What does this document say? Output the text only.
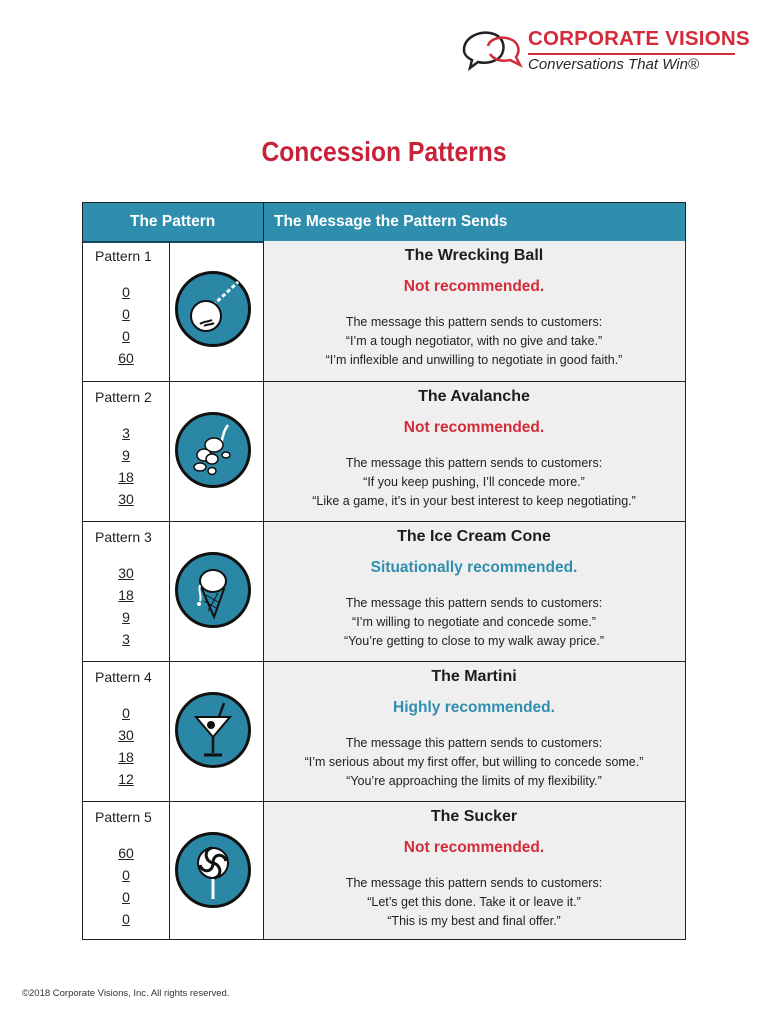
CORPORATE VISIONS
Conversations That Win®
Concession Patterns
The Pattern	The Message the Pattern Sends
Pattern 1
0
0
0
60
The Wrecking Ball
Not recommended.
The message this pattern sends to customers:
“I’m a tough negotiator, with no give and take.”
“I’m inflexible and unwilling to negotiate in good faith.”
Pattern 2
3
9
18
30
The Avalanche
Not recommended.
The message this pattern sends to customers:
“If you keep pushing, I’ll concede more.”
“Like a game, it’s in your best interest to keep negotiating.”
Pattern 3
30
18
9
3
The Ice Cream Cone
Situationally recommended.
The message this pattern sends to customers:
“I’m willing to negotiate and concede some.”
“You’re getting to close to my walk away price.”
Pattern 4
0
30
18
12
The Martini
Highly recommended.
The message this pattern sends to customers:
“I’m serious about my first offer, but willing to concede some.”
“You’re approaching the limits of my flexibility.”
Pattern 5
60
0
0
0
The Sucker
Not recommended.
The message this pattern sends to customers:
“Let’s get this done. Take it or leave it.”
“This is my best and final offer.”
©2018 Corporate Visions, Inc. All rights reserved.
